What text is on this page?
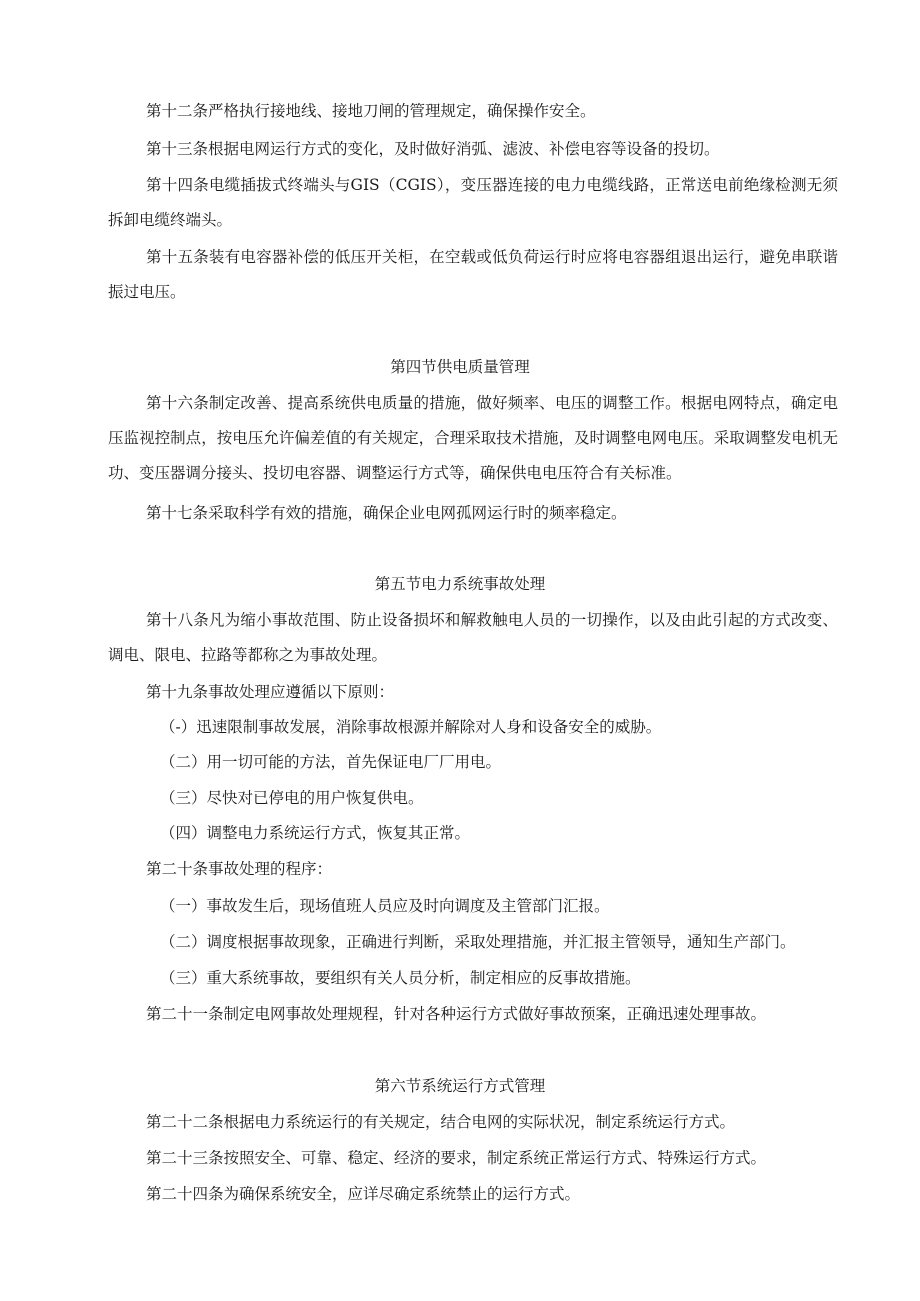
第十二条严格执行接地线、接地刀闸的管理规定，确保操作安全。

第十三条根据电网运行方式的变化，及时做好消弧、滤波、补偿电容等设备的投切。

第十四条电缆插拔式终端头与GIS（CGIS），变压器连接的电力电缆线路，正常送电前绝缘检测无须拆卸电缆终端头。

第十五条装有电容器补偿的低压开关柜，在空载或低负荷运行时应将电容器组退出运行，避免串联谐振过电压。

第四节供电质量管理

第十六条制定改善、提高系统供电质量的措施，做好频率、电压的调整工作。根据电网特点，确定电压监视控制点，按电压允许偏差值的有关规定，合理采取技术措施，及时调整电网电压。采取调整发电机无功、变压器调分接头、投切电容器、调整运行方式等，确保供电电压符合有关标准。

第十七条采取科学有效的措施，确保企业电网孤网运行时的频率稳定。

第五节电力系统事故处理

第十八条凡为缩小事故范围、防止设备损坏和解救触电人员的一切操作，以及由此引起的方式改变、调电、限电、拉路等都称之为事故处理。

第十九条事故处理应遵循以下原则：

（-）迅速限制事故发展，消除事故根源并解除对人身和设备安全的威胁。

（二）用一切可能的方法，首先保证电厂厂用电。

（三）尽快对已停电的用户恢复供电。

（四）调整电力系统运行方式，恢复其正常。

第二十条事故处理的程序：

（一）事故发生后，现场值班人员应及时向调度及主管部门汇报。

（二）调度根据事故现象，正确进行判断，采取处理措施，并汇报主管领导，通知生产部门。

（三）重大系统事故，要组织有关人员分析，制定相应的反事故措施。

第二十一条制定电网事故处理规程，针对各种运行方式做好事故预案，正确迅速处理事故。

第六节系统运行方式管理

第二十二条根据电力系统运行的有关规定，结合电网的实际状况，制定系统运行方式。

第二十三条按照安全、可靠、稳定、经济的要求，制定系统正常运行方式、特殊运行方式。

第二十四条为确保系统安全，应详尽确定系统禁止的运行方式。
